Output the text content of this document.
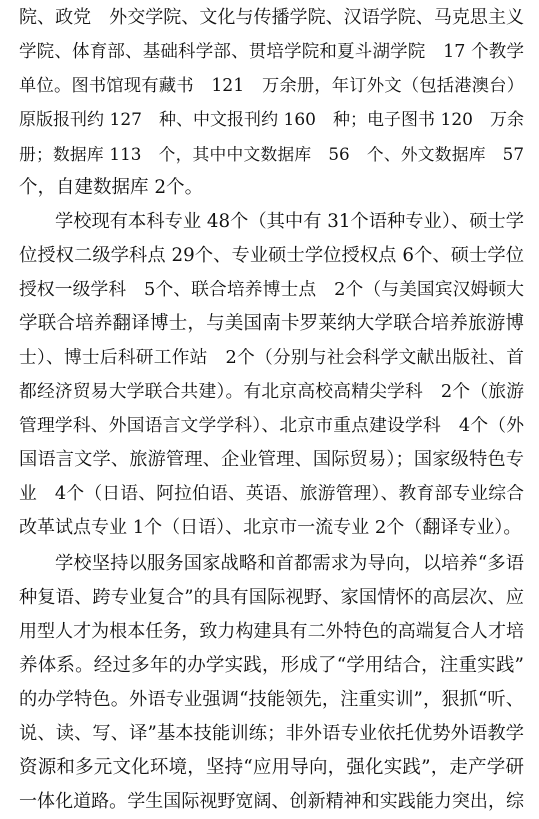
院、政党　外交学院、文化与传播学院、汉语学院、马克思主义
学院、体育部、基础科学部、贯培学院和夏斗湖学院　17 个教学
单位。图书馆现有藏书　121　万余册，年订外文（包括港澳台）
原版报刊约 127　种、中文报刊约 160　种；电子图书 120　万余
册；数据库 113　个，其中中文数据库　56　个、外文数据库　57
个，自建数据库 2个。
学校现有本科专业 48个（其中有 31个语种专业）、硕士学
位授权二级学科点 29个、专业硕士学位授权点 6个、硕士学位
授权一级学科　5个、联合培养博士点　2个（与美国宾汉姆顿大
学联合培养翻译博士，与美国南卡罗莱纳大学联合培养旅游博
士）、博士后科研工作站　2个（分别与社会科学文献出版社、首
都经济贸易大学联合共建）。有北京高校高精尖学科　2个（旅游
管理学科、外国语言文学学科）、北京市重点建设学科　4个（外
国语言文学、旅游管理、企业管理、国际贸易）；国家级特色专
业　4个（日语、阿拉伯语、英语、旅游管理）、教育部专业综合
改革试点专业 1个（日语）、北京市一流专业 2个（翻译专业）。
学校坚持以服务国家战略和首都需求为导向，以培养“多语
种复语、跨专业复合”的具有国际视野、家国情怀的高层次、应
用型人才为根本任务，致力构建具有二外特色的高端复合人才培
养体系。经过多年的办学实践，形成了“学用结合，注重实践”
的办学特色。外语专业强调“技能领先，注重实训”，狠抓“听、
说、读、写、译”基本技能训练；非外语专业依托优势外语教学
资源和多元文化环境，坚持“应用导向，强化实践”，走产学研
一体化道路。学生国际视野宽阔、创新精神和实践能力突出，综
